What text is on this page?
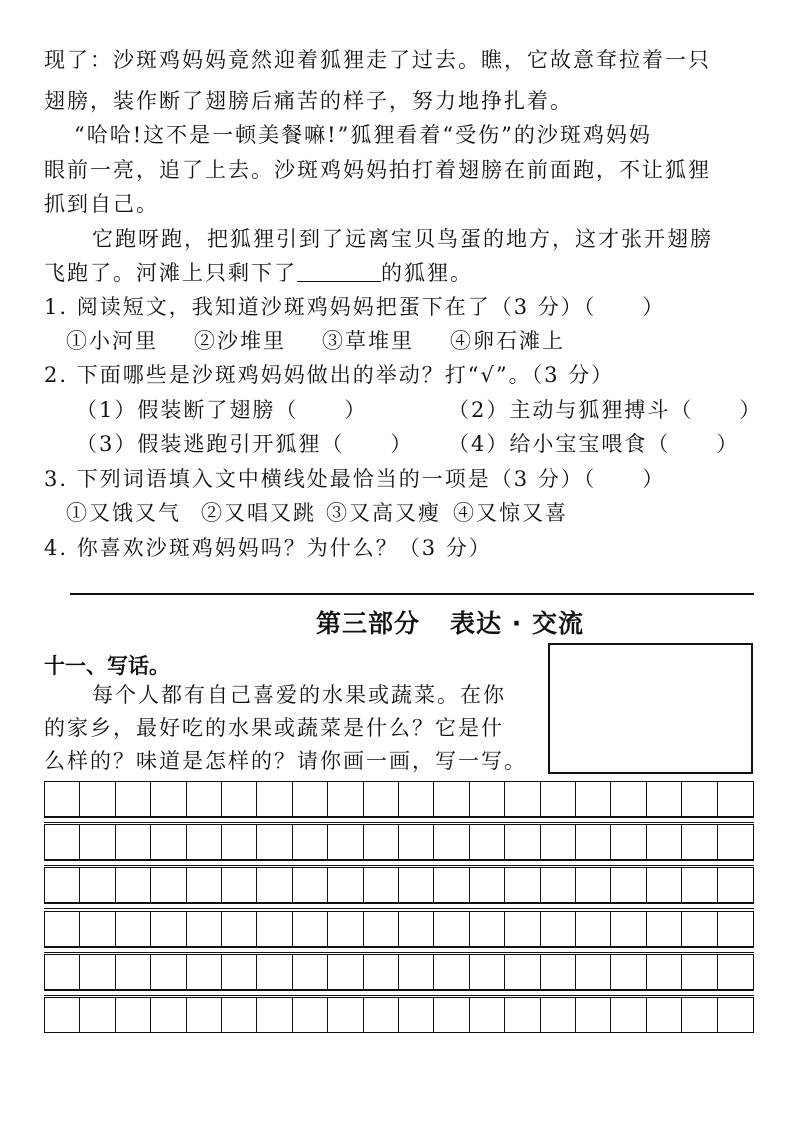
现了：沙斑鸡妈妈竟然迎着狐狸走了过去。瞧，它故意耷拉着一只
翅膀，装作断了翅膀后痛苦的样子，努力地挣扎着。
“哈哈!这不是一顿美餐嘛!”狐狸看着“受伤”的沙斑鸡妈妈
眼前一亮，追了上去。沙斑鸡妈妈拍打着翅膀在前面跑，不让狐狸
抓到自己。
它跑呀跑，把狐狸引到了远离宝贝鸟蛋的地方，这才张开翅膀
飞跑了。河滩上只剩下了	的狐狸。
1. 阅读短文，我知道沙斑鸡妈妈把蛋下在了（3 分）（　　）
①小河里 ②沙堆里 ③草堆里 ④卵石滩上
2. 下面哪些是沙斑鸡妈妈做出的举动？打“√”。（3 分）
（1）假装断了翅膀（　　）	（2）主动与狐狸搏斗（　　）
（3）假装逃跑引开狐狸（　　） （4）给小宝宝喂食（　　）
3. 下列词语填入文中横线处最恰当的一项是（3 分）（　　）
①又饿又气 ②又唱又跳 ③又高又瘦 ④又惊又喜
4. 你喜欢沙斑鸡妈妈吗？为什么？（3 分）
第三部分 表达 · 交流
十一、写话。
每个人都有自己喜爱的水果或蔬菜。在你
的家乡，最好吃的水果或蔬菜是什么？它是什
么样的？味道是怎样的？请你画一画，写一写。
